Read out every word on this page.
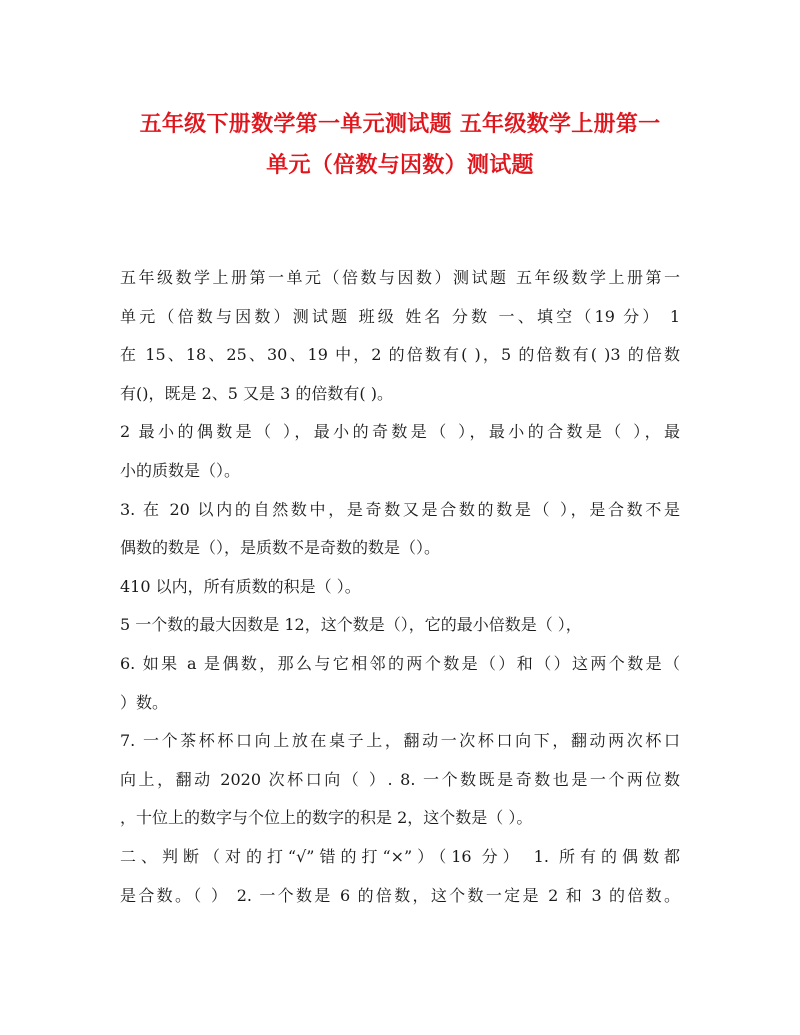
五年级下册数学第一单元测试题 五年级数学上册第一
单元（倍数与因数）测试题
五年级数学上册第一单元（倍数与因数）测试题 五年级数学上册第一
单元（倍数与因数）测试题 班级 姓名 分数 一、填空（19 分） 1
在 15、18、25、30、19 中，2 的倍数有( )，5 的倍数有( )3 的倍数
有()，既是 2、5 又是 3 的倍数有( )。
2 最小的偶数是（ ），最小的奇数是（ ），最小的合数是（ ），最
小的质数是（）。
3. 在 20 以内的自然数中，是奇数又是合数的数是（ ），是合数不是
偶数的数是（），是质数不是奇数的数是（）。
410 以内，所有质数的积是（ ）。
5 一个数的最大因数是 12，这个数是（），它的最小倍数是（ ），
6. 如果 a 是偶数，那么与它相邻的两个数是（）和（）这两个数是（
）数。
7. 一个茶杯杯口向上放在桌子上，翻动一次杯口向下，翻动两次杯口
向上，翻动 2020 次杯口向（ ）. 8. 一个数既是奇数也是一个两位数
，十位上的数字与个位上的数字的积是 2，这个数是（ ）。
二、判断（对的打“√”错的打“×”）（16 分） 1. 所有的偶数都
是合数。（ ） 2. 一个数是 6 的倍数，这个数一定是 2 和 3 的倍数。
